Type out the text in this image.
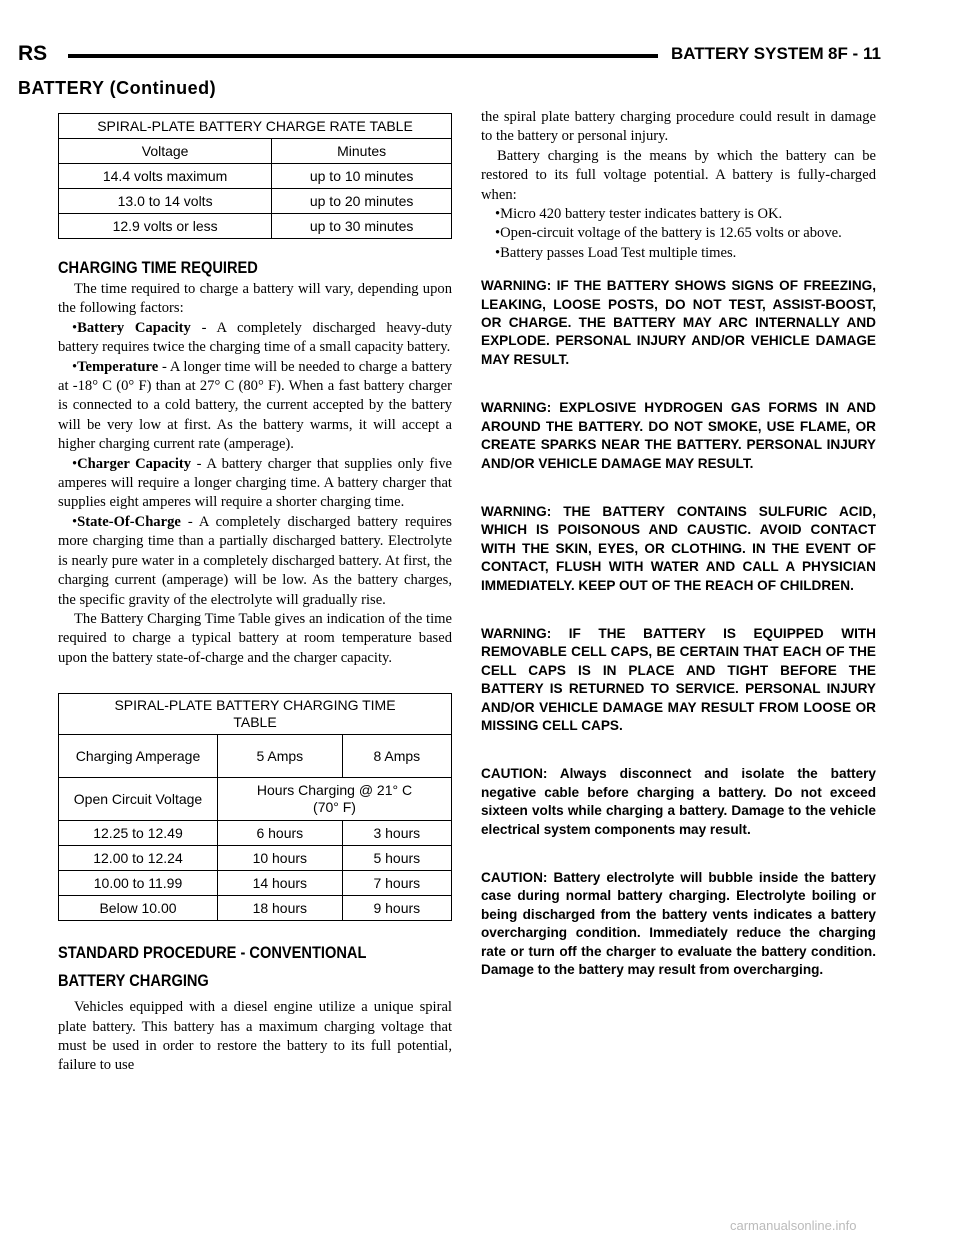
RS	BATTERY SYSTEM 8F - 11
BATTERY (Continued)
SPIRAL-PLATE BATTERY CHARGE RATE TABLE	
Voltage	Minutes
14.4 volts maximum	up to 10 minutes
13.0 to 14 volts	up to 20 minutes
12.9 volts or less	up to 30 minutes
CHARGING TIME REQUIRED

The time required to charge a battery will vary, depending upon the following factors:

•Battery Capacity - A completely discharged heavy-duty battery requires twice the charging time of a small capacity battery.

•Temperature - A longer time will be needed to charge a battery at -18° C (0° F) than at 27° C (80° F). When a fast battery charger is connected to a cold battery, the current accepted by the battery will be very low at first. As the battery warms, it will accept a higher charging current rate (amperage).

•Charger Capacity - A battery charger that supplies only five amperes will require a longer charging time. A battery charger that supplies eight amperes will require a shorter charging time.

•State-Of-Charge - A completely discharged battery requires more charging time than a partially discharged battery. Electrolyte is nearly pure water in a completely discharged battery. At first, the charging current (amperage) will be low. As the battery charges, the specific gravity of the electrolyte will gradually rise.

The Battery Charging Time Table gives an indication of the time required to charge a typical battery at room temperature based upon the battery state-of-charge and the charger capacity.

SPIRAL-PLATE BATTERY CHARGING TIME TABLE		
Charging Amperage	5 Amps	8 Amps
Open Circuit Voltage	Hours Charging @ 21° C (70° F)	
12.25 to 12.49	6 hours	3 hours
12.00 to 12.24	10 hours	5 hours
10.00 to 11.99	14 hours	7 hours
Below 10.00	18 hours	9 hours
STANDARD PROCEDURE - CONVENTIONAL
BATTERY CHARGING

Vehicles equipped with a diesel engine utilize a unique spiral plate battery. This battery has a maximum charging voltage that must be used in order to restore the battery to its full potential, failure to use

the spiral plate battery charging procedure could result in damage to the battery or personal injury.

Battery charging is the means by which the battery can be restored to its full voltage potential. A battery is fully-charged when:

•Micro 420 battery tester indicates battery is OK.

•Open-circuit voltage of the battery is 12.65 volts or above.

•Battery passes Load Test multiple times.

WARNING: IF THE BATTERY SHOWS SIGNS OF FREEZING, LEAKING, LOOSE POSTS, DO NOT TEST, ASSIST-BOOST, OR CHARGE. THE BATTERY MAY ARC INTERNALLY AND EXPLODE. PERSONAL INJURY AND/OR VEHICLE DAMAGE MAY RESULT.

WARNING: EXPLOSIVE HYDROGEN GAS FORMS IN AND AROUND THE BATTERY. DO NOT SMOKE, USE FLAME, OR CREATE SPARKS NEAR THE BATTERY. PERSONAL INJURY AND/OR VEHICLE DAMAGE MAY RESULT.

WARNING: THE BATTERY CONTAINS SULFURIC ACID, WHICH IS POISONOUS AND CAUSTIC. AVOID CONTACT WITH THE SKIN, EYES, OR CLOTHING. IN THE EVENT OF CONTACT, FLUSH WITH WATER AND CALL A PHYSICIAN IMMEDIATELY. KEEP OUT OF THE REACH OF CHILDREN.

WARNING: IF THE BATTERY IS EQUIPPED WITH REMOVABLE CELL CAPS, BE CERTAIN THAT EACH OF THE CELL CAPS IS IN PLACE AND TIGHT BEFORE THE BATTERY IS RETURNED TO SERVICE. PERSONAL INJURY AND/OR VEHICLE DAMAGE MAY RESULT FROM LOOSE OR MISSING CELL CAPS.

CAUTION: Always disconnect and isolate the battery negative cable before charging a battery. Do not exceed sixteen volts while charging a battery. Damage to the vehicle electrical system components may result.

CAUTION: Battery electrolyte will bubble inside the battery case during normal battery charging. Electrolyte boiling or being discharged from the battery vents indicates a battery overcharging condition. Immediately reduce the charging rate or turn off the charger to evaluate the battery condition. Damage to the battery may result from overcharging.

carmanualsonline.info
